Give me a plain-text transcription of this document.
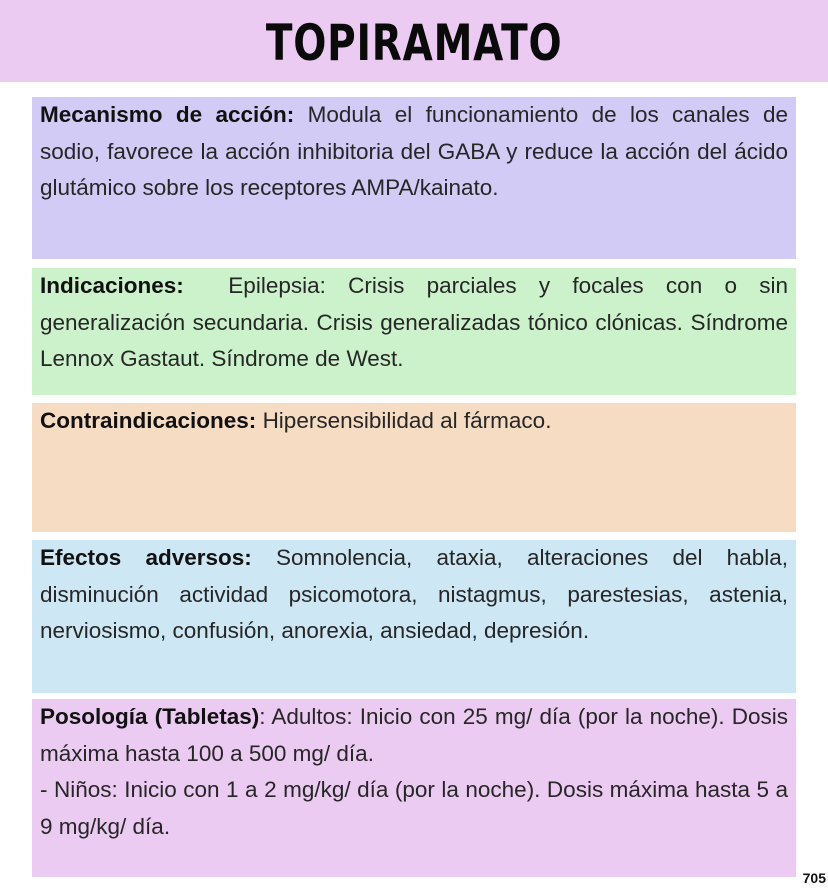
TOPIRAMATO

Mecanismo de acción: Modula el funcionamiento de los canales de sodio, favorece la acción inhibitoria del GABA y reduce la acción del ácido glutámico sobre los receptores AMPA/kainato.

Indicaciones: Epilepsia: Crisis parciales y focales con o sin generalización secundaria. Crisis generalizadas tónico clónicas. Síndrome Lennox Gastaut. Síndrome de West.

Contraindicaciones: Hipersensibilidad al fármaco.

Efectos adversos: Somnolencia, ataxia, alteraciones del habla, disminución actividad psicomotora, nistagmus, parestesias, astenia, nerviosismo, confusión, anorexia, ansiedad, depresión.

Posología (Tabletas): Adultos: Inicio con 25 mg/ día (por la noche). Dosis máxima hasta 100 a 500 mg/ día.

- Niños: Inicio con 1 a 2 mg/kg/ día (por la noche). Dosis máxima hasta 5 a 9 mg/kg/ día.

705
